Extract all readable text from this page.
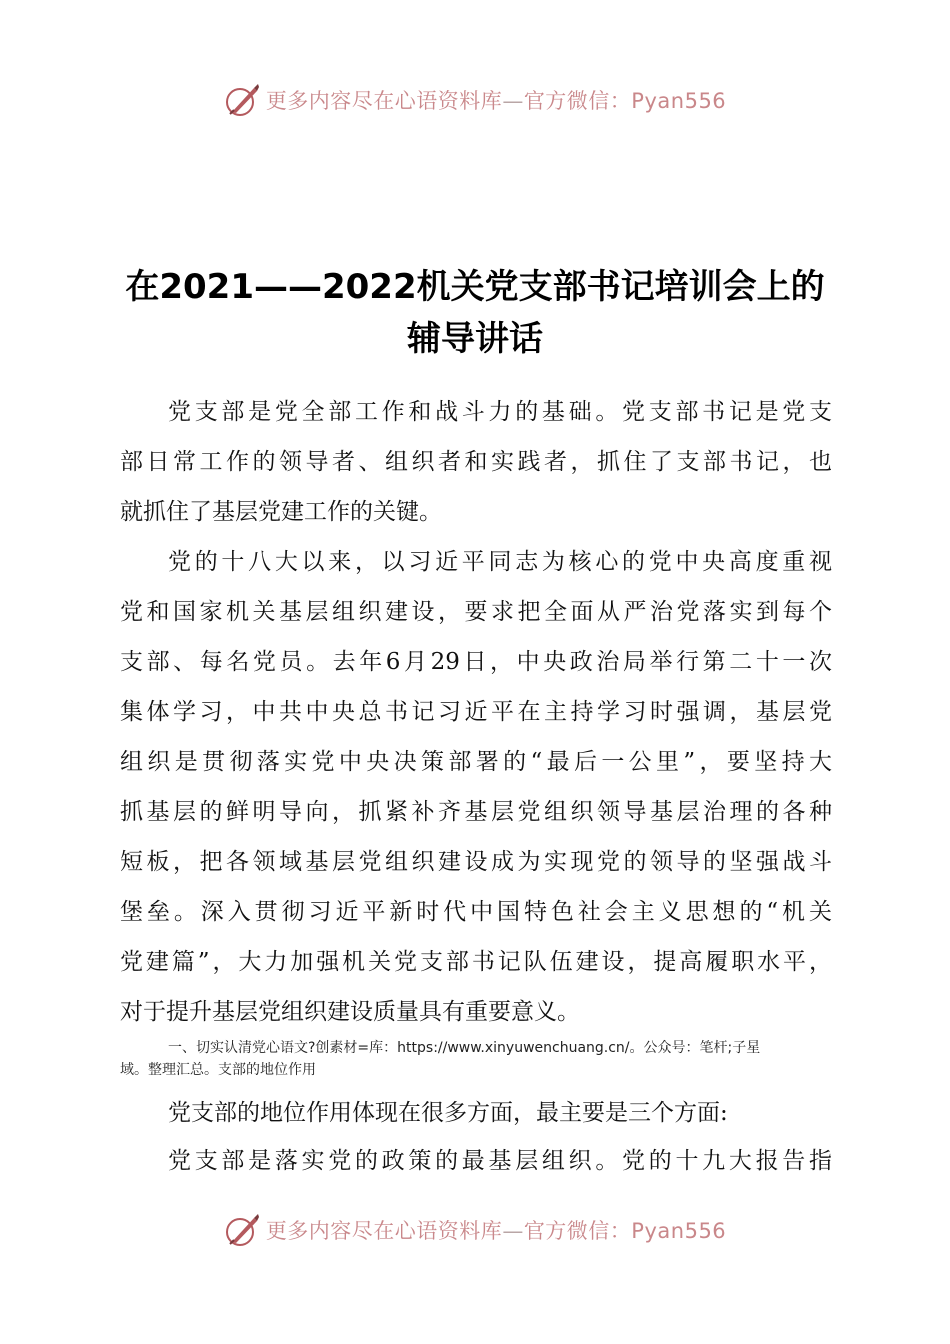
更多内容尽在心语资料库—官方微信：Pyan556
在2021——2022机关党支部书记培训会上的
辅导讲话
党支部是党全部工作和战斗力的基础。党支部书记是党支
部日常工作的领导者、组织者和实践者，抓住了支部书记，也
就抓住了基层党建工作的关键。
党的十八大以来，以习近平同志为核心的党中央高度重视
党和国家机关基层组织建设，要求把全面从严治党落实到每个
支部、每名党员。去年6月29日，中央政治局举行第二十一次
集体学习，中共中央总书记习近平在主持学习时强调，基层党
组织是贯彻落实党中央决策部署的“最后一公里”，要坚持大
抓基层的鲜明导向，抓紧补齐基层党组织领导基层治理的各种
短板，把各领域基层党组织建设成为实现党的领导的坚强战斗
堡垒。深入贯彻习近平新时代中国特色社会主义思想的“机关
党建篇”，大力加强机关党支部书记队伍建设，提高履职水平，
对于提升基层党组织建设质量具有重要意义。
一、切实认清党心语文?创素材=库：https://www.xinyuwenchuang.cn/。公众号：笔杆;子星
域。整理汇总。支部的地位作用
党支部的地位作用体现在很多方面，最主要是三个方面:
党支部是落实党的政策的最基层组织。党的十九大报告指
更多内容尽在心语资料库—官方微信：Pyan556
